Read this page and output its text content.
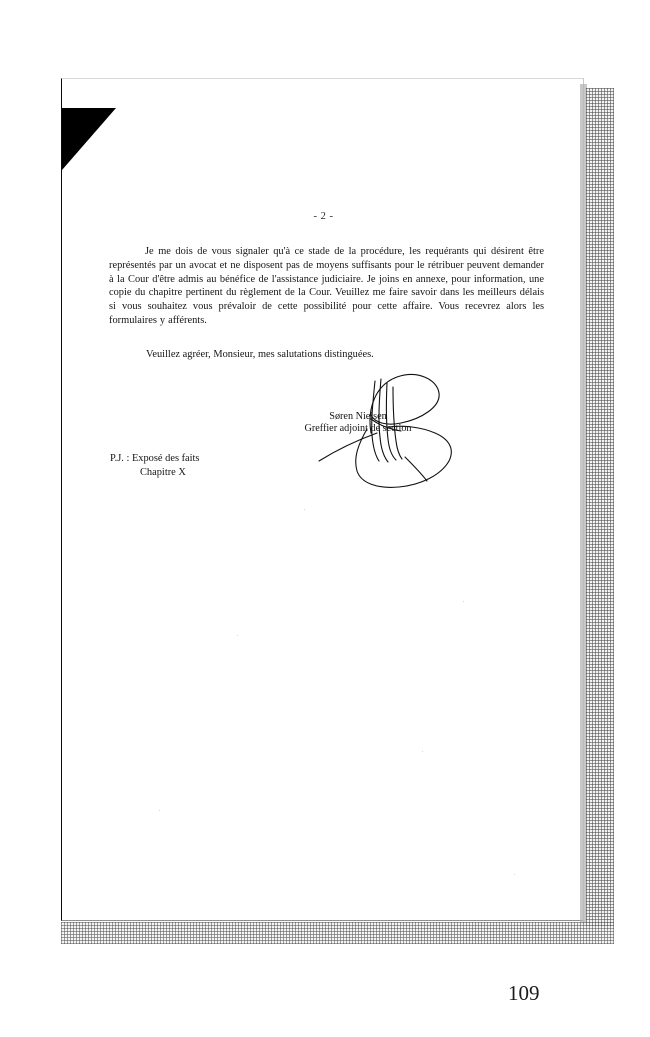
- 2 -
Je me dois de vous signaler qu'à ce stade de la procédure, les requérants qui désirent être représentés par un avocat et ne disposent pas de moyens suffisants pour le rétribuer peuvent demander à la Cour d'être admis au bénéfice de l'assistance judiciaire. Je joins en annexe, pour information, une copie du chapitre pertinent du règlement de la Cour. Veuillez me faire savoir dans les meilleurs délais si vous souhaitez vous prévaloir de cette possibilité pour cette affaire. Vous recevrez alors les formulaires y afférents.
Veuillez agréer, Monsieur, mes salutations distinguées.
Søren Nielsen
Greffier adjoint de section
P.J. : Exposé des faits
Chapitre X
109
